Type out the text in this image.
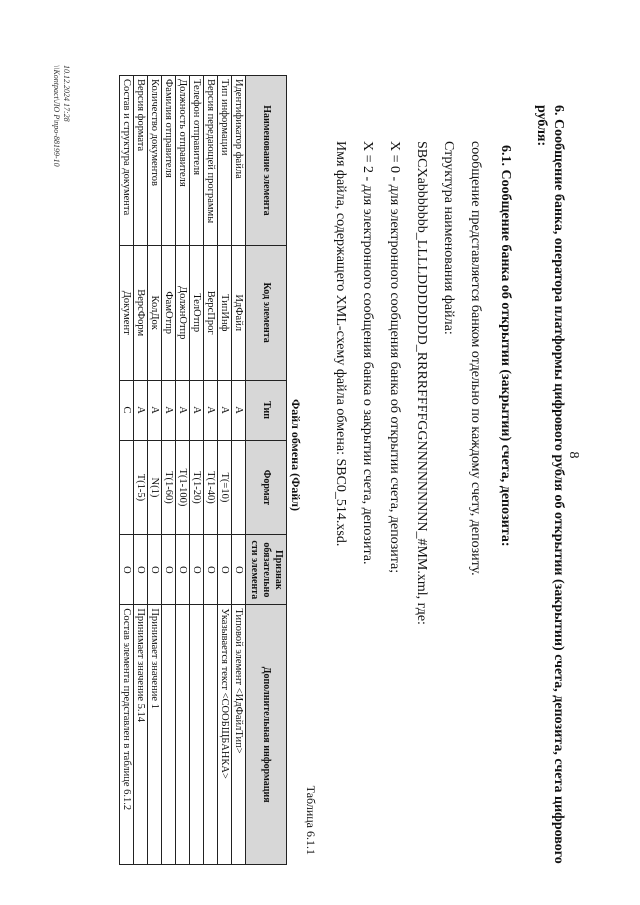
8
6. Сообщение банка, оператора платформы цифрового рубля об открытии (закрытии) счета, депозита, счета цифрового рубля:
6.1. Сообщение банка об открытии (закрытии) счета, депозита:
сообщение представляется банком отдельно по каждому счету, депозиту.
Структура наименования файла:
SBCXabbbbbbb_LLLLDDDDDDD_RRRRFFFFGGNNNNNNNNN_#MM.xml, где:
X = 0 - для электронного сообщения банка об открытии счета, депозита;
X = 2 - для электронного сообщения банка о закрытии счета, депозита.
Имя файла, содержащего XML-схему файла обмена: SBC0_514.xsd.
Таблица 6.1.1
Файл обмена (Файл)
Наименование элемента	Код элемента	Тип	Формат	Признак обязательно сти элемента	Дополнительная информация
Идентификатор файла	ИдФайл	А		О	Типовой элемент <ИдФайлТип>
Тип информации	ТипИнф	А	Т(=10)	О	Указывается текст <СООБЩБАНКА>
Версия передающей программы	ВерсПрог	А	Т(1-40)	О	
Телефон отправителя	ТелОтпр	А	Т(1-20)	О	
Должность отправителя	ДолжнОтпр	А	Т(1-100)	О	
Фамилия отправителя	ФамОтпр	А	Т(1-60)	О	
Количество документов	КолДок	А	N(1)	О	Принимает значение 1
Версия формата	ВерсФорм	А	Т(1-5)	О	Принимает значение 5.14
Состав и структура документа	Документ	С		О	Состав элемента представлен в таблице 6.1.2
10.12.2024 17:28
\\Kontpact\ЛО Р\про-88199-10
